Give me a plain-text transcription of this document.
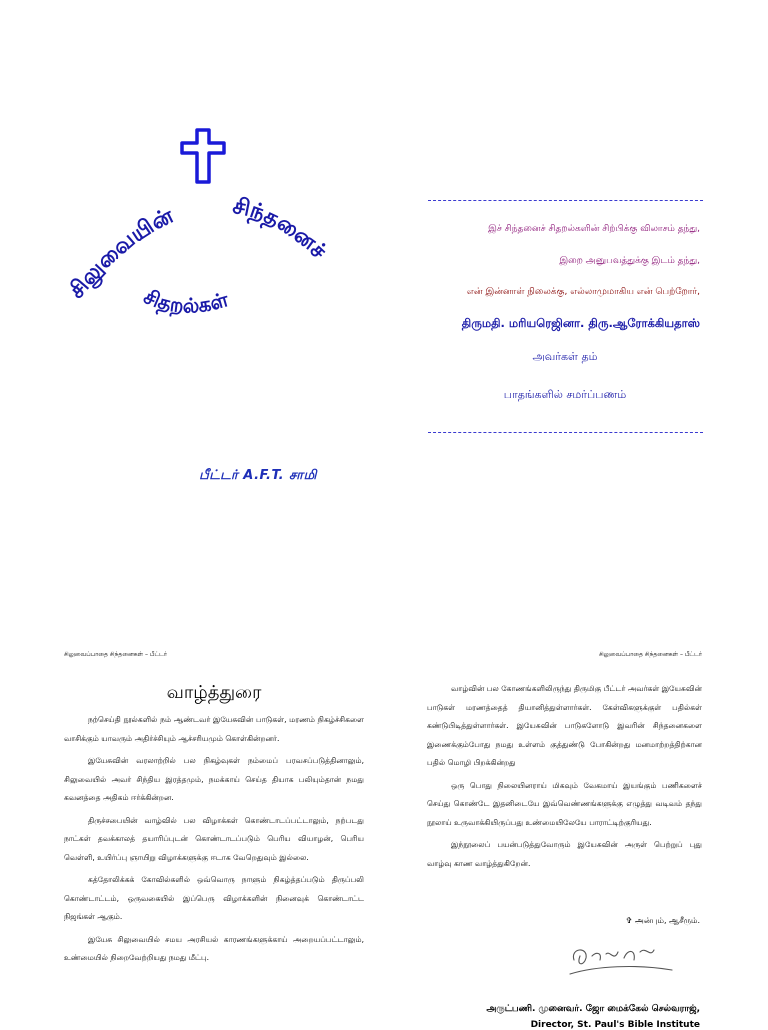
சிலுவையின் சிந்தனைச்
சிதறல்கள்
பீட்டர் A.F.T. சாமி
இச் சிந்தனைச் சிதறல்களின் சிற்பிக்கு விலாசம் தந்து,
இறை அனுபவத்துக்கு இடம் தந்து,
என் இன்னாள் நிலைக்கு, எல்லாமுமாகிய என் பெற்றோர்,
திருமதி. மரியரெஜினா. திரு.ஆரோக்கியதாஸ்
அவர்கள் தம்
பாதங்களில் சமர்ப்பணம்
சிலுவைப்பாதை சிந்தனைகள் – பீட்டர்
வாழ்த்துரை

நற்செய்தி நூல்களில் நம் ஆண்டவர் இயேசுவின் பாடுகள், மரணம் நிகழ்ச்சிகளை வாசிக்கும் யாவரும் அதிர்ச்சியும் ஆச்சரியமும் கொள்கின்றனர்.

இயேசுவின் வரலாற்றில் பல நிகழ்வுகள் நம்மைப் பரவசப்படுத்தினாலும், சிலுவையில் அவர் சிந்திய இரத்தமும், நமக்காய் செய்த தியாக பலியும்தான் நமது கவனத்தை அதிகம் ஈர்க்கின்றன.

திருச்சபையின் வாழ்வில் பல விழாக்கள் கொண்டாடப்பட்டாலும், நற்படது நாட்கள் தவக்காலத் தயாரிப்புடன் கொண்டாடப்படும் பெரிய வியாழன், பெரிய வெள்ளி, உயிர்ப்பு ஞாயிறு விழாக்களுக்கு ஈடாக வேறெதுவும் இல்லை.

கத்தோலிக்கக் கோவில்களில் ஒவ்வொரு நாளும் நிகழ்த்தப்படும் திருப்பலி கொண்டாட்டம், ஒருவகையில் இப்பெரு விழாக்களின் நினைவுக் கொண்டாட்ட நிஜங்கள் ஆகும்.

இயேசு சிலுவையில் சமய அரசியல் காரணங்களுக்காய் அறையப்பட்டாலும், உண்மையில் நிறைவேற்றியது நமது மீட்பு.

சிலுவைப்பாதை சிந்தனைகள் – பீட்டர்

வாழ்வின் பல கோணங்களிலிருந்து திருமிகு பீட்டர் அவர்கள் இயேசுவின் பாடுகள் மரணத்தைத் தியானித்துள்ளார்கள். கேள்விகளுக்குள் பதில்கள் கண்டுபிடித்துள்ளார்கள். இயேசுவின் பாடுகளோடு இவரின் சிந்தனைகளை இணைக்கும்போது நமது உள்ளம் குத்துண்டு போகின்றது மனமாற்றத்திற்கான பதில் மொழி பிறக்கின்றது

ஒரு பொது நிலையினராய் மிகவும் வேகமாய் இயங்கும் பணிகளைச் செய்து கொண்டே இதனிடையே இவ்வெண்ணங்களுக்கு எழுத்து வடிவம் தந்து நூலாய் உருவாக்கியிருப்பது உண்மையிலேயே பாராட்டிற்குரியது.

இந்நூலைப் பயன்படுத்துவோரும் இயேசுவின் அருள் பெற்றுப் புது வாழ்வு காண வாழ்த்துகிறேன்.

✞ அன்பும், ஆசீரும்.
அருட்பணி. முனைவர். ஜோ மைக்கேல் செல்வராஜ்,
Director, St. Paul's Bible Institute
